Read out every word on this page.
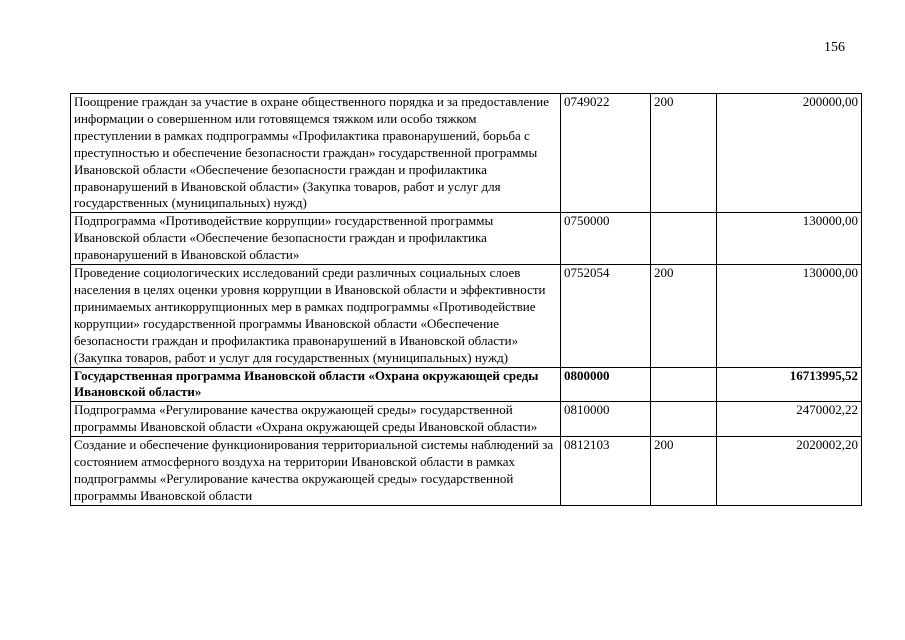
156
Поощрение граждан за участие в охране общественного порядка и за предоставление информации о совершенном или готовящемся тяжком или особо тяжком преступлении в рамках подпрограммы «Профилактика правонарушений, борьба с преступностью и обеспечение безопасности граждан» государственной программы Ивановской области «Обеспечение безопасности граждан и профилактика правонарушений в Ивановской области» (Закупка товаров, работ и услуг для государственных (муниципальных) нужд)	0749022	200	200000,00
Подпрограмма «Противодействие коррупции» государственной программы Ивановской области «Обеспечение безопасности граждан и профилактика правонарушений в Ивановской области»	0750000		130000,00
Проведение социологических исследований среди различных социальных слоев населения в целях оценки уровня коррупции в Ивановской области и эффективности принимаемых антикоррупционных мер в рамках подпрограммы «Противодействие коррупции» государственной программы Ивановской области «Обеспечение безопасности граждан и профилактика правонарушений в Ивановской области» (Закупка товаров, работ и услуг для государственных (муниципальных) нужд)	0752054	200	130000,00
Государственная программа Ивановской области «Охрана окружающей среды Ивановской области»	0800000		16713995,52
Подпрограмма «Регулирование качества окружающей среды» государственной программы Ивановской области «Охрана окружающей среды Ивановской области»	0810000		2470002,22
Создание и обеспечение функционирования территориальной системы наблюдений за состоянием атмосферного воздуха на территории Ивановской области в рамках подпрограммы «Регулирование качества окружающей среды» государственной программы Ивановской области	0812103	200	2020002,20
